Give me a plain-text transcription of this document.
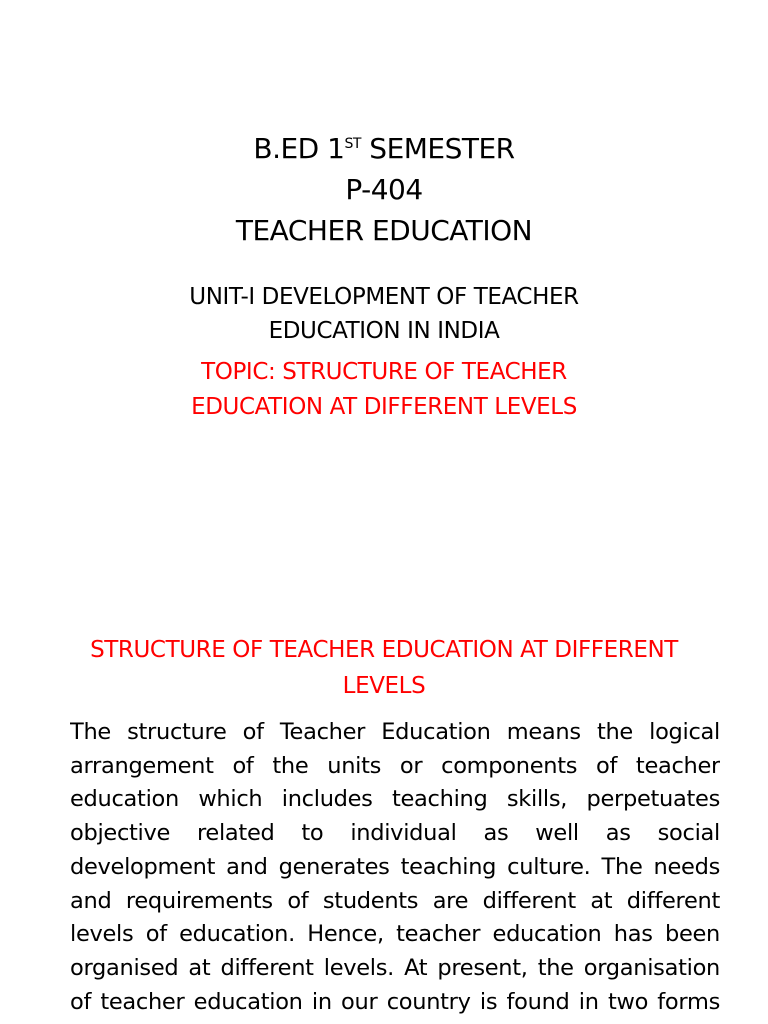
B.ED 1ST SEMESTER
P-404
TEACHER EDUCATION
UNIT-I DEVELOPMENT OF TEACHER
EDUCATION IN INDIA
TOPIC: STRUCTURE OF TEACHER
EDUCATION AT DIFFERENT LEVELS
STRUCTURE OF TEACHER EDUCATION AT DIFFERENT
LEVELS
The structure of Teacher Education means the logical
arrangement of the units or components of teacher
education which includes teaching skills, perpetuates
objective related to individual as well as social
development and generates teaching culture. The needs
and requirements of students are different at different
levels of education. Hence, teacher education has been
organised at different levels. At present, the organisation
of teacher education in our country is found in two forms
